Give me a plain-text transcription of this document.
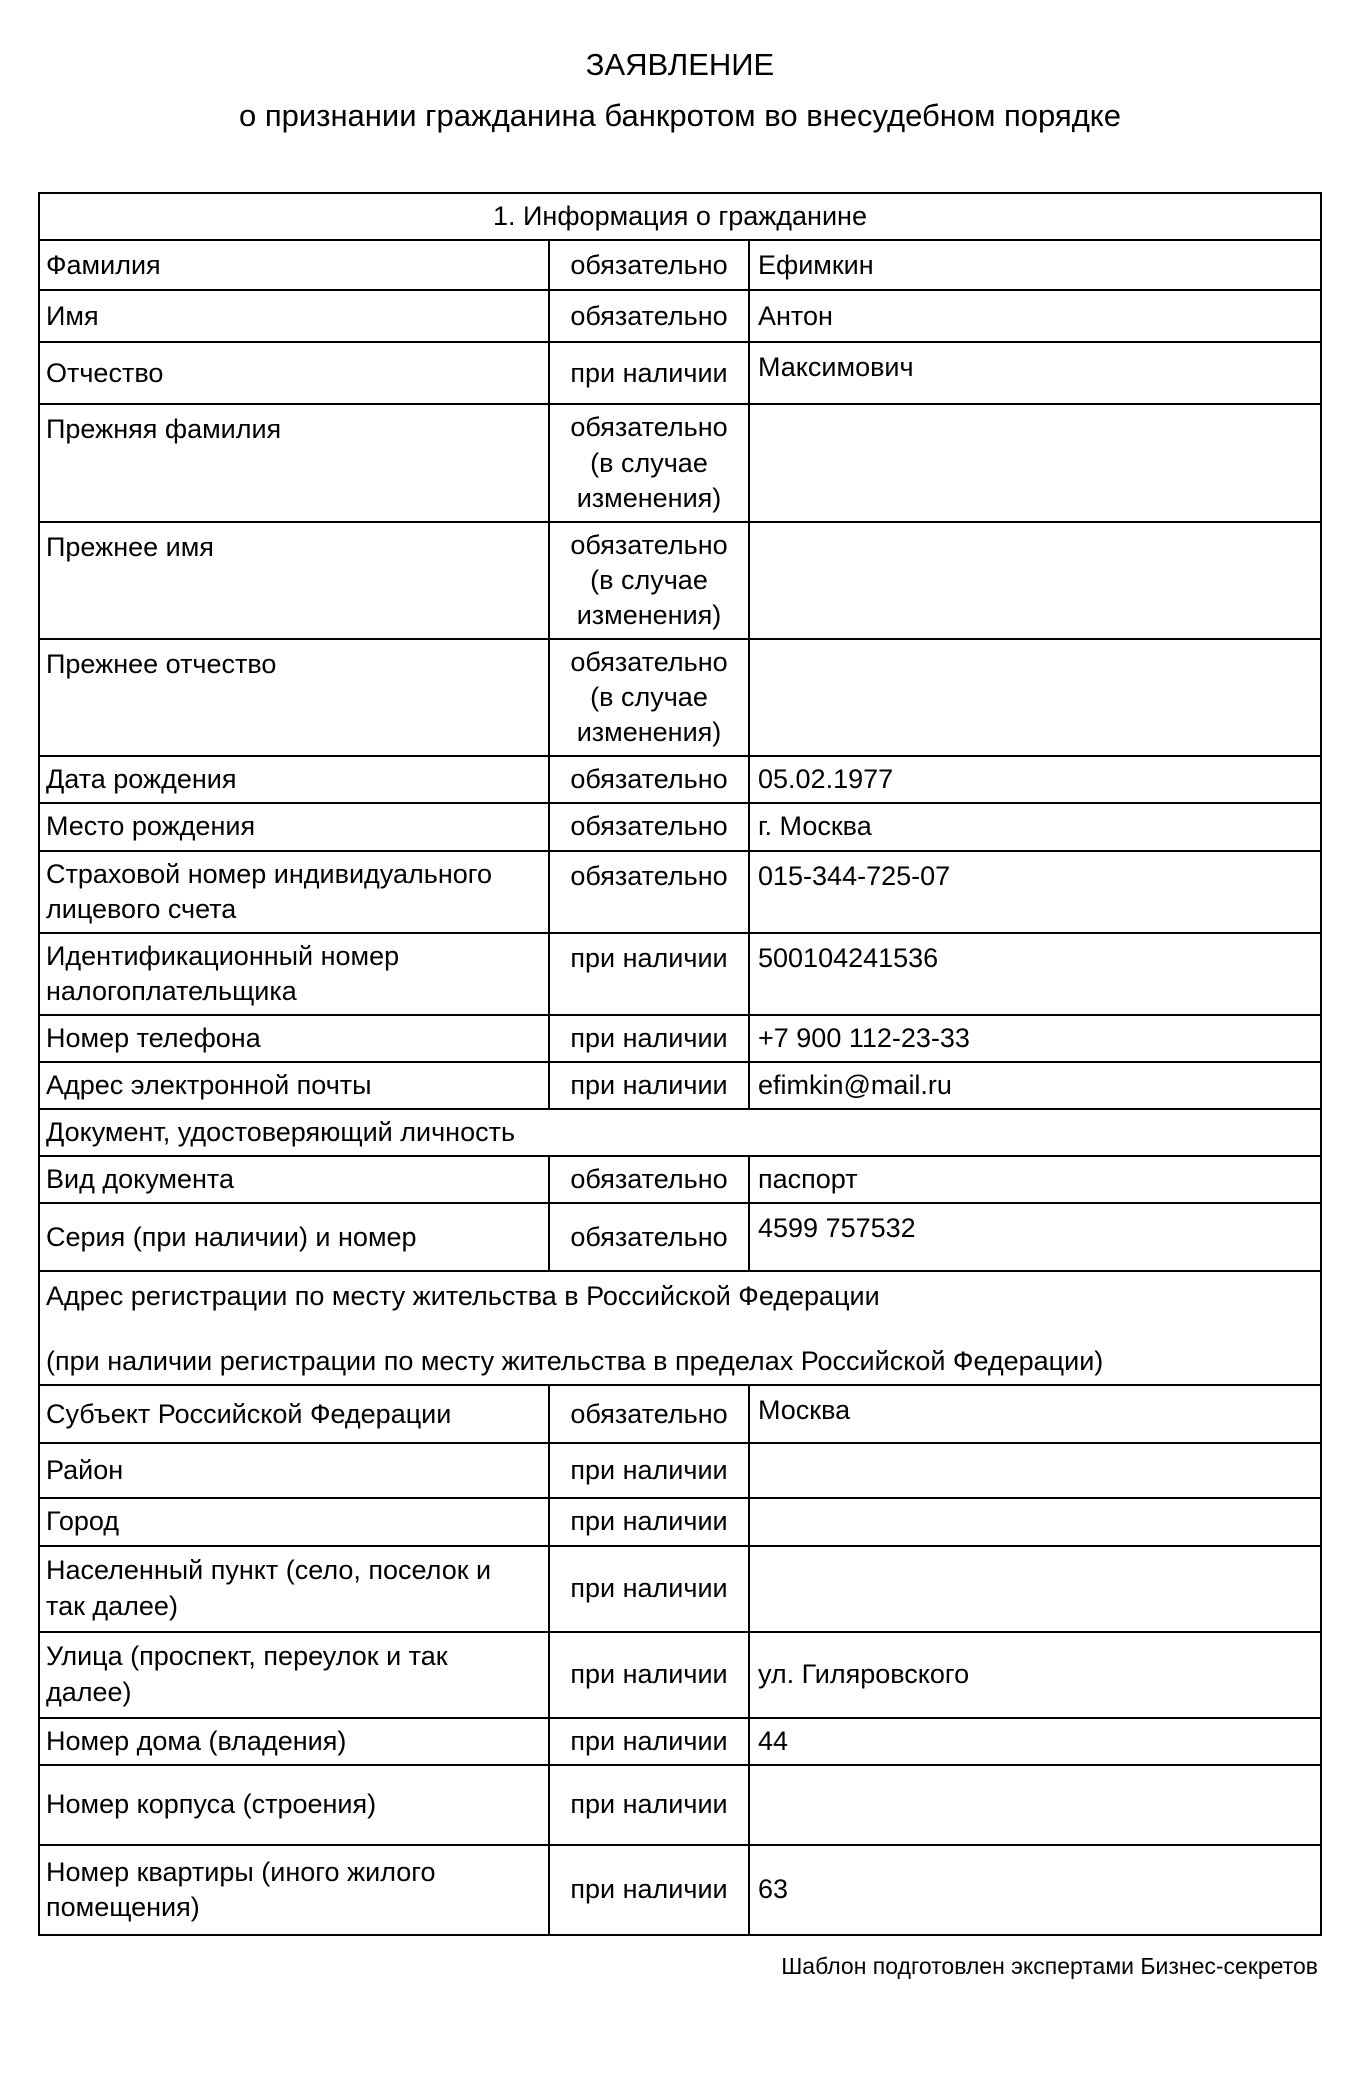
ЗАЯВЛЕНИЕ
о признании гражданина банкротом во внесудебном порядке
1. Информация о гражданине		
Фамилия	обязательно	Ефимкин
Имя	обязательно	Антон
Отчество	при наличии	Максимович
Прежняя фамилия	обязательно (в случае изменения)	
Прежнее имя	обязательно (в случае изменения)	
Прежнее отчество	обязательно (в случае изменения)	
Дата рождения	обязательно	05.02.1977
Место рождения	обязательно	г. Москва
Страховой номер индивидуального лицевого счета	обязательно	015-344-725-07
Идентификационный номер налогоплательщика	при наличии	500104241536
Номер телефона	при наличии	+7 900 112-23-33
Адрес электронной почты	при наличии	efimkin@mail.ru
Документ, удостоверяющий личность		
Вид документа	обязательно	паспорт
Серия (при наличии) и номер	обязательно	4599 757532

Адрес регистрации по месту жительства в Российской Федерации
(при наличии регистрации по месту жительства в пределах Российской Федерации)		

Субъект Российской Федерации	обязательно	Москва
Район	при наличии	
Город	при наличии	
Населенный пункт (село, поселок и так далее)	при наличии	
Улица (проспект, переулок и так далее)	при наличии	ул. Гиляровского
Номер дома (владения)	при наличии	44
Номер корпуса (строения)	при наличии	
Номер квартиры (иного жилого помещения)	при наличии	63
Шаблон подготовлен экспертами Бизнес-секретов
